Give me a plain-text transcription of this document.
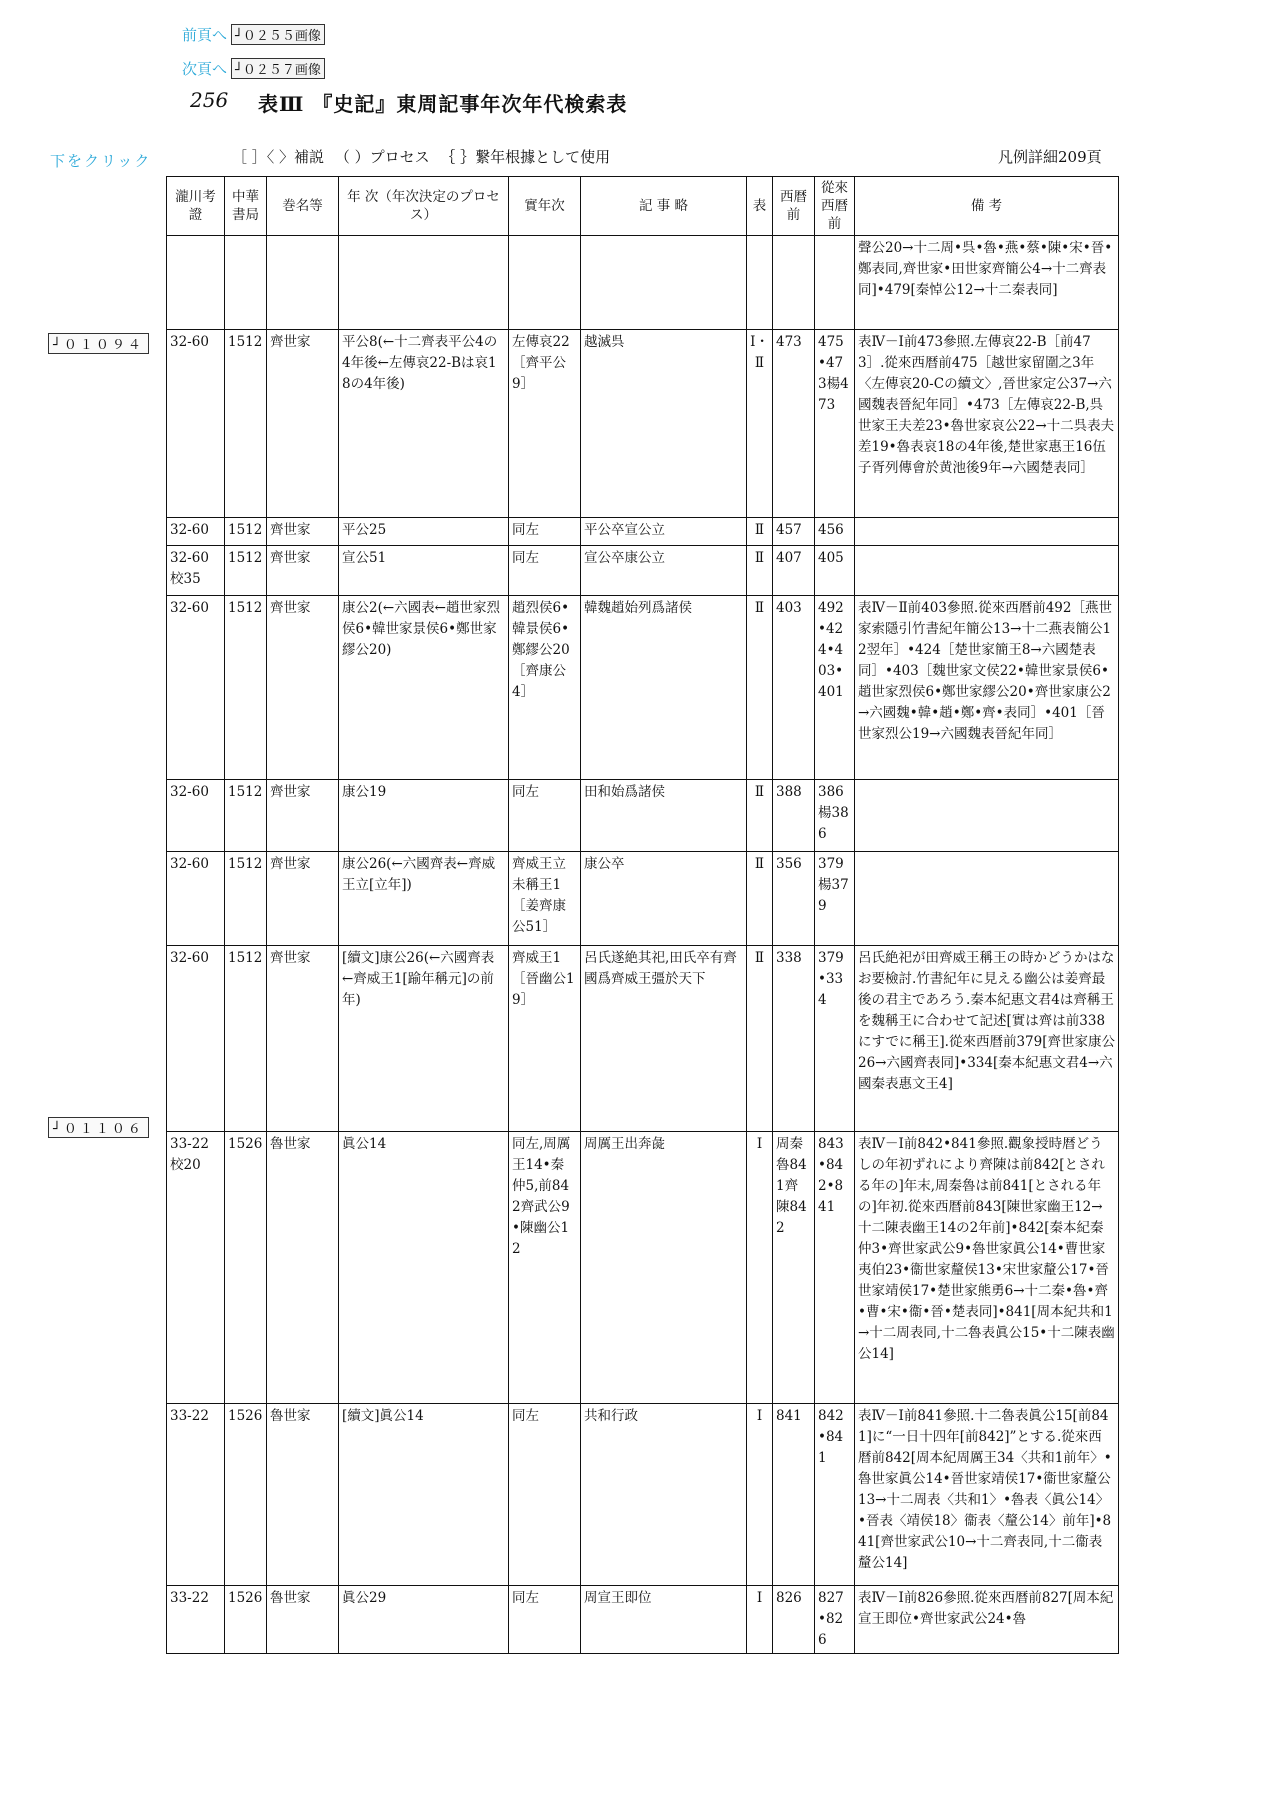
前頁へ ┘０２５５画像
次頁へ ┘０２５７画像
256 表Ⅲ 『史記』東周記事年次年代検索表
下をクリック	［ ］〈 〉補説 （ ）プロセス ｛ ｝繋年根據として使用	凡例詳細209頁
┘０１０９４
┘０１１０６
瀧川考證	中華書局	巻名等	年 次（年次決定のプロセス）	實年次	記 事 略	表	西暦前	從來西暦前	備 考
									聲公20→十二周•呉•魯•燕•蔡•陳•宋•晉•鄭表同,齊世家•田世家齊簡公4→十二齊表同]•479[秦悼公12→十二秦表同]
32-60	1512	齊世家	平公8(←十二齊表平公4の4年後←左傳哀22-Bは哀18の4年後)	左傳哀22［齊平公9］	越滅呉	Ⅰ・Ⅱ	473	475•473楊473	表Ⅳ－Ⅰ前473參照.左傳哀22-B［前473］.從來西暦前475［越世家留圍之3年〈左傳哀20-Cの續文〉,晉世家定公37→六國魏表晉紀年同］•473［左傳哀22-B,呉世家王夫差23•魯世家哀公22→十二呉表夫差19•魯表哀18の4年後,楚世家惠王16伍子胥列傳會於黄池後9年→六國楚表同］
32-60	1512	齊世家	平公25	同左	平公卒宣公立	Ⅱ	457	456	
32-60 校35	1512	齊世家	宣公51	同左	宣公卒康公立	Ⅱ	407	405	
32-60	1512	齊世家	康公2(←六國表←趙世家烈侯6•韓世家景侯6•鄭世家繆公20)	趙烈侯6•韓景侯6•鄭繆公20［齊康公4］	韓魏趙始列爲諸侯	Ⅱ	403	492•424•403•401	表Ⅳ－Ⅱ前403參照.從來西暦前492［燕世家索隱引竹書紀年簡公13→十二燕表簡公12翌年］•424［楚世家簡王8→六國楚表同］•403［魏世家文侯22•韓世家景侯6•趙世家烈侯6•鄭世家繆公20•齊世家康公2→六國魏•韓•趙•鄭•齊•表同］•401［晉世家烈公19→六國魏表晉紀年同］
32-60	1512	齊世家	康公19	同左	田和始爲諸侯	Ⅱ	388	386楊386	
32-60	1512	齊世家	康公26(←六國齊表←齊威王立[立年])	齊威王立未稱王1［姜齊康公51］	康公卒	Ⅱ	356	379楊379	
32-60	1512	齊世家	[續文]康公26(←六國齊表←齊威王1[踰年稱元]の前年)	齊威王1［晉幽公19］	呂氏遂絶其祀,田氏卒有齊國爲齊威王彊於天下	Ⅱ	338	379•334	呂氏絶祀が田齊威王稱王の時かどうかはなお要檢討.竹書紀年に見える幽公は姜齊最後の君主であろう.秦本紀惠文君4は齊稱王を魏稱王に合わせて記述[實は齊は前338にすでに稱王].從來西暦前379[齊世家康公26→六國齊表同]•334[秦本紀惠文君4→六國秦表惠文王4]
33-22 校20	1526	魯世家	眞公14	同左,周厲王14•秦仲5,前842齊武公9•陳幽公12	周厲王出奔彘	Ⅰ	周秦魯841齊陳842	843•842•841	表Ⅳ－Ⅰ前842•841參照.觀象授時暦どうしの年初ずれにより齊陳は前842[とされる年の]年末,周秦魯は前841[とされる年の]年初.從來西暦前843[陳世家幽王12→十二陳表幽王14の2年前]•842[秦本紀秦仲3•齊世家武公9•魯世家眞公14•曹世家夷伯23•衞世家釐侯13•宋世家釐公17•晉世家靖侯17•楚世家熊勇6→十二秦•魯•齊•曹•宋•衞•晉•楚表同]•841[周本紀共和1→十二周表同,十二魯表眞公15•十二陳表幽公14]
33-22	1526	魯世家	[續文]眞公14	同左	共和行政	Ⅰ	841	842•841	表Ⅳ－Ⅰ前841參照.十二魯表眞公15[前841]に“一日十四年[前842]”とする.從來西暦前842[周本紀周厲王34〈共和1前年〉•魯世家眞公14•晉世家靖侯17•衞世家釐公13→十二周表〈共和1〉•魯表〈眞公14〉•晉表〈靖侯18〉衞表〈釐公14〉前年]•841[齊世家武公10→十二齊表同,十二衞表釐公14]
33-22	1526	魯世家	眞公29	同左	周宣王即位	Ⅰ	826	827•826	表Ⅳ－Ⅰ前826參照.從來西暦前827[周本紀宣王即位•齊世家武公24•魯
